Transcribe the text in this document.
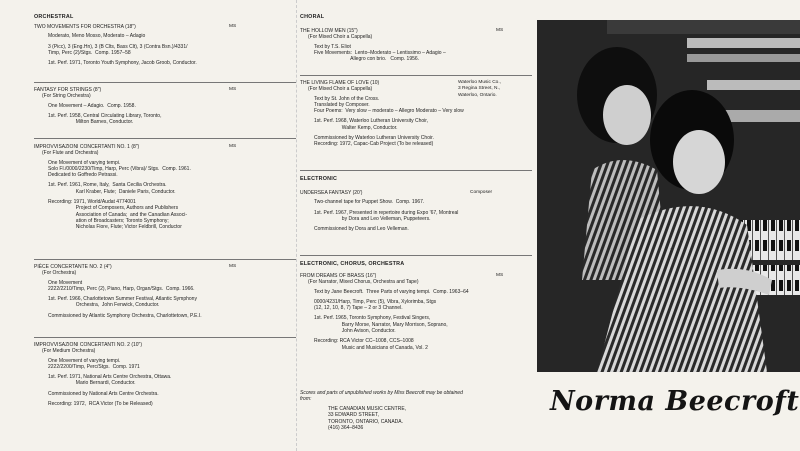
ORCHESTRAL
TWO MOVEMENTS FOR ORCHESTRA (18")	MS
Moderato, Meno Mosso, Moderato – Adagio
3 (Picc), 3 (Eng.Hn), 3 (B Clts, Bass Clt), 3 (Contra Bsn.)/4331/
Timp, Perc (2)/Stgs.  Comp. 1957–58
1st. Perf. 1971, Toronto Youth Symphony, Jacob Groob, Conductor.
FANTASY FOR STRINGS (8")
(For String Orchestra)
MS
One Movement – Adagio.  Comp. 1958.
1st. Perf. 1958, Central Circulating Library, Toronto,
Milton Barnes, Conductor.
IMPROVVISAZIONI CONCERTANTI NO. 1 (8")
(For Flute and Orchestra)
MS
One Movement of varying tempi.
Solo Fl./0000/2230/Timp, Harp, Perc (Vibra)/ Stgs.  Comp. 1961.
Dedicated to Goffredo Petrassi.
1st. Perf. 1961, Rome, Italy,  Santa Cecilia Orchestra.
Karl Kraber, Flute;  Daniele Paris, Conductor.
Recording: 1971, World/Audat 4774001
Project of Composers, Authors and Publishers
Association of Canada;  and the Canadian Associ-
ation of Broadcasters; Toronto Symphony;
Nicholas Fiore, Flute; Victor Feldbrill, Conductor
PIÈCE CONCERTANTE NO. 2 (4")
(For Orchestra)
MS
One Movement
2222/2210/Timp, Perc (2), Piano, Harp, Organ/Stgs.  Comp. 1966.
1st. Perf. 1966, Charlottetown Summer Festival, Atlantic Symphony
Orchestra,  John Fenwick, Conductor.
Commissioned by Atlantic Symphony Orchestra, Charlottetown, P.E.I.
IMPROVVISAZIONI CONCERTANTI NO. 2 (10")
(For Medium Orchestra)
One Movement of varying tempi.
2222/2200/Timp, Perc/Stgs.  Comp. 1971
1st. Perf. 1971, National Arts Centre Orchestra, Ottawa.
Mario Bernardi, Conductor.
Commissioned by National Arts Centre Orchestra.
Recording: 1972,  RCA Victor (To be Released)
CHORAL
THE HOLLOW MEN (15")
(For Mixed Choir a Cappella)
MS
Text by T.S. Eliot
Five Movements:  Lento–Moderato – Lentissimo – Adagio –
Allegro con brio.   Comp. 1956.
THE LIVING FLAME OF LOVE (10)
(For Mixed Choir a Cappella)
Waterloo Music Co.,
3 Regina Street, N.,
Waterloo, Ontario.
Text by St. John of the Cross.
Translated by Composer.
Four Poems:  Very slow – moderato – Allegro Moderato – Very slow
1st. Perf. 1968, Waterloo Lutheran University Choir,
Walter Kemp, Conductor.
Commissioned by Waterloo Lutheran University Choir.
Recording: 1972, Capac-Cab Project (To be released)
ELECTRONIC
UNDERSEA FANTASY (20')	Composer
Two-channel tape for Puppet Show.  Comp. 1967.
1st. Perf. 1967, Presented in repertoire during Expo '67, Montreal
by Dora and Leo Velleman, Puppeteers.
Commissioned by Dora and Leo Velleman.
ELECTRONIC, CHORUS, ORCHESTRA
FROM DREAMS OF BRASS (16")
(For Narrator, Mixed Chorus, Orchestra and Tape)
MS
Text by Jane Beecroft.  Three Parts of varying tempi.  Comp. 1963–64
0000/4231/Harp, Timp, Perc (5), Vibra, Xylorimba, Stgs
(12, 12, 10, 8, 7) Tape – 2 or 3 Channel.
1st. Perf. 1965, Toronto Symphony, Festival Singers,
Barry Morse, Narrator, Mary Morrison, Soprano,
John Avison, Conductor.
Recording: RCA Victor CC–1008, CCS–1008
Music and Musicians of Canada, Vol. 2
Scores and parts of unpublished works by Miss Beecroft may be obtained
from:
THE CANADIAN MUSIC CENTRE,
33 EDWARD STREET,
TORONTO, ONTARIO, CANADA.
(416) 364–8436
Norma Beecroft
